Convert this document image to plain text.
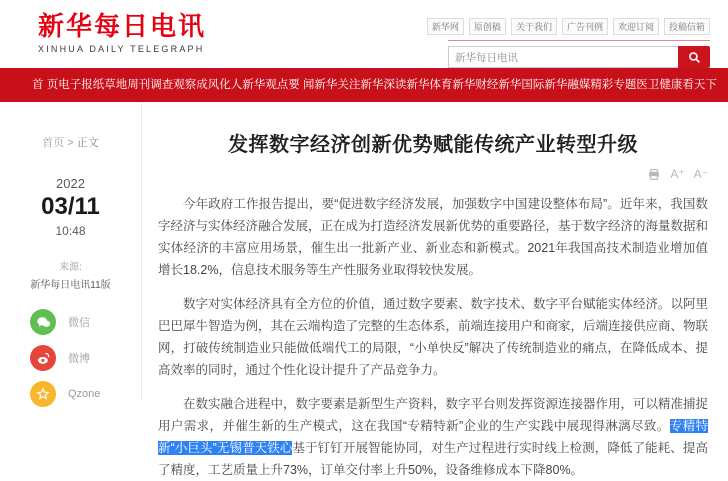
新华每日电讯
XINHUA DAILY TELEGRAPH
新华网	原创稿	关于我们	广告刊例	欢迎订阅	投稿信箱
新华每日电讯
首 页 电子报纸 草地周刊 调查观察 成风化人 新华观点 要 闻 新华关注 新华深读 新华体育 新华财经 新华国际 新华融媒 精彩专题 医卫健康 看天下
首页 > 正文
2022
03/11
10:48
来源:
新华每日电讯11版
微信
微博
Qzone
发挥数字经济创新优势赋能传统产业转型升级
A⁺ A⁻

今年政府工作报告提出，要“促进数字经济发展，加强数字中国建设整体布局”。近年来，我国数字经济与实体经济融合发展，正在成为打造经济发展新优势的重要路径，基于数字经济的海量数据和实体经济的丰富应用场景，催生出一批新产业、新业态和新模式。2021年我国高技术制造业增加值增长18.2%，信息技术服务等生产性服务业取得较快发展。

数字对实体经济具有全方位的价值，通过数字要素、数字技术、数字平台赋能实体经济。以阿里巴巴犀牛智造为例，其在云端构造了完整的生态体系，前端连接用户和商家，后端连接供应商、物联网，打破传统制造业只能做低端代工的局限，“小单快反”解决了传统制造业的痛点，在降低成本、提高效率的同时，通过个性化设计提升了产品竞争力。

在数实融合进程中，数字要素是新型生产资料，数字平台则发挥资源连接器作用，可以精准捕捉用户需求，并催生新的生产模式，这在我国“专精特新”企业的生产实践中展现得淋漓尽致。专精特新“小巨头”无锡普天铁心基于钉钉开展智能协同，对生产过程进行实时线上检测，降低了能耗、提高了精度，工艺质量上升73%，订单交付率上升50%，设备维修成本下降80%。
